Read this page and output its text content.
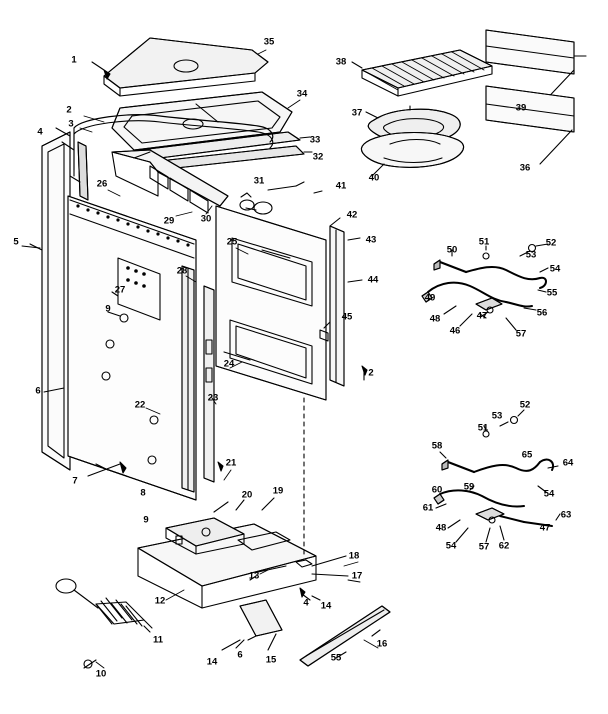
1
35
38
39
34
2	37
33
3
4
32
36
40
31	41
26
29	30	42
25	43
5
50
51	52
53
54
28
44
27
49	55
9
45	47	56
48
46	57
24
2
6
22
23
53
52
51
65
58
64
7
21
59
60	54
8	20 19
61
63
47
9
48
54 57 62
18
13	17
12	4 14
11	16
14
6 15	55
10
